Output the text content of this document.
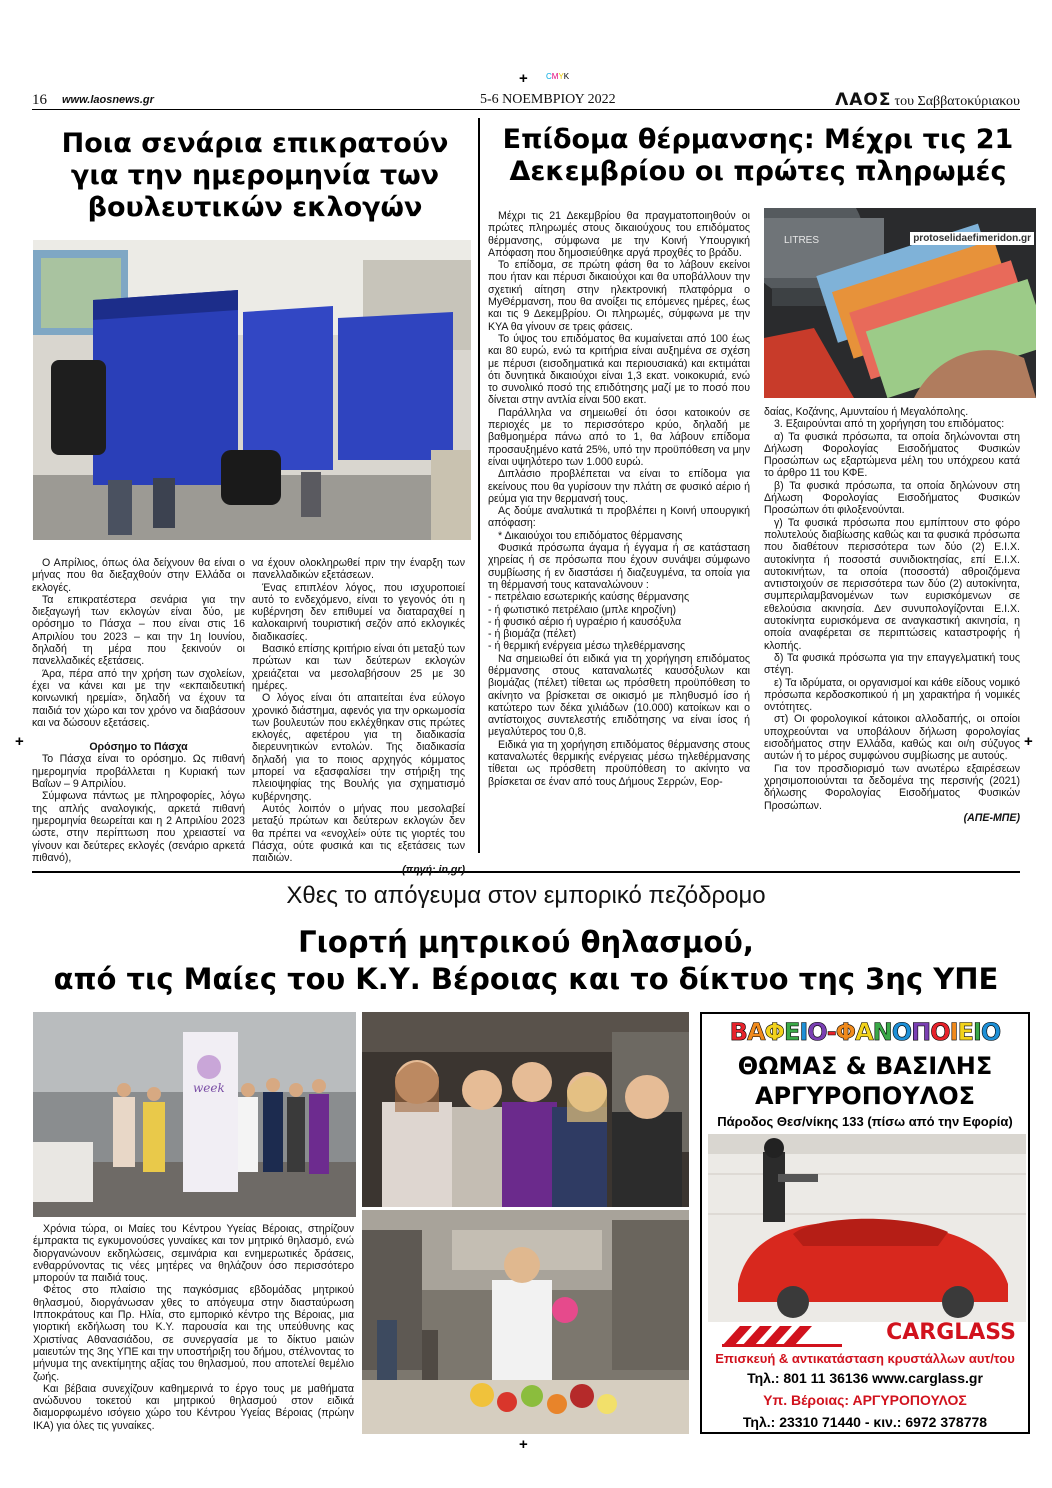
+ CMYK
+	+
+
16 www.laosnews.gr	5-6 ΝΟΕΜΒΡΙΟΥ 2022	ΛΑΟΣ του Σαββατοκύριακου
Ποια σενάρια επικρατούν για την ημερομηνία των βουλευτικών εκλογών

Ο Απρίλιος, όπως όλα δείχνουν θα είναι ο μήνας που θα διεξαχθούν στην Ελλάδα οι εκλογές.

Τα επικρατέστερα σενάρια για την διεξαγωγή των εκλογών είναι δύο, με ορόσημο το Πάσχα – που είναι στις 16 Απριλίου του 2023 – και την 1η Ιουνίου, δηλαδή τη μέρα που ξεκινούν οι πανελλαδικές εξετάσεις.

Άρα, πέρα από την χρήση των σχολείων, έχει να κάνει και με την «εκπαιδευτική κοινωνική ηρεμία», δηλαδή να έχουν τα παιδιά τον χώρο και τον χρόνο να διαβάσουν και να δώσουν εξετάσεις.

Ορόσημο το Πάσχα

Το Πάσχα είναι το ορόσημο. Ως πιθανή ημερομηνία προβάλλεται η Κυριακή των Βαΐων – 9 Απριλίου.

Σύμφωνα πάντως με πληροφορίες, λόγω της απλής αναλογικής, αρκετά πιθανή ημερομηνία θεωρείται και η 2 Απριλίου 2023 ώστε, στην περίπτωση που χρειαστεί να γίνουν και δεύτερες εκλογές (σενάριο αρκετά πιθανό),

να έχουν ολοκληρωθεί πριν την έναρξη των πανελλαδικών εξετάσεων.

Ένας επιπλέον λόγος, που ισχυροποιεί αυτό το ενδεχόμενο, είναι το γεγονός ότι η κυβέρνηση δεν επιθυμεί να διαταραχθεί η καλοκαιρινή τουριστική σεζόν από εκλογικές διαδικασίες.

Βασικό επίσης κριτήριο είναι ότι μεταξύ των πρώτων και των δεύτερων εκλογών χρειάζεται να μεσολαβήσουν 25 με 30 ημέρες.

Ο λόγος είναι ότι απαιτείται ένα εύλογο χρονικό διάστημα, αφενός για την ορκωμοσία των βουλευτών που εκλέχθηκαν στις πρώτες εκλογές, αφετέρου για τη διαδικασία διερευνητικών εντολών. Της διαδικασία δηλαδή για το ποιος αρχηγός κόμματος μπορεί να εξασφαλίσει την στήριξη της πλειοψηφίας της Βουλής για σχηματισμό κυβέρνησης.

Αυτός λοιπόν ο μήνας που μεσολαβεί μεταξύ πρώτων και δεύτερων εκλογών δεν θα πρέπει να «ενοχλεί» ούτε τις γιορτές του Πάσχα, ούτε φυσικά και τις εξετάσεις των παιδιών.

(πηγή: in,gr)

Επίδομα θέρμανσης: Μέχρι τις 21 Δεκεμβρίου οι πρώτες πληρωμές
LITRES	protoselidaefimeridon.gr

Μέχρι τις 21 Δεκεμβρίου θα πραγματοποιηθούν οι πρώτες πληρωμές στους δικαιούχους του επιδόματος θέρμανσης, σύμφωνα με την Κοινή Υπουργική Απόφαση που δημοσιεύθηκε αργά προχθές το βράδυ.

Το επίδομα, σε πρώτη φάση θα το λάβουν εκείνοι που ήταν και πέρυσι δικαιούχοι και θα υποβάλλουν την σχετική αίτηση στην ηλεκτρονική πλατφόρμα ο ΜyΘέρμανση, που θα ανοίξει τις επόμενες ημέρες, έως και τις 9 Δεκεμβρίου. Οι πληρωμές, σύμφωνα με την ΚΥΑ θα γίνουν σε τρεις φάσεις.

Το ύψος του επιδόματος θα κυμαίνεται από 100 έως και 80 ευρώ, ενώ τα κριτήρια είναι αυξημένα σε σχέση με πέρυσι (εισοδηματικά και περιουσιακά) και εκτιμάται ότι δυνητικά δικαιούχοι είναι 1,3 εκατ. νοικοκυριά, ενώ το συνολικό ποσό της επιδότησης μαζί με το ποσό που δίνεται στην αντλία είναι 500 εκατ.

Παράλληλα να σημειωθεί ότι όσοι κατοικούν σε περιοχές με το περισσότερο κρύο, δηλαδή με βαθμοημέρα πάνω από το 1, θα λάβουν επίδομα προσαυξημένο κατά 25%, υπό την προϋπόθεση να μην είναι υψηλότερο των 1.000 ευρώ.

Διπλάσιο προβλέπεται να είναι το επίδομα για εκείνους που θα γυρίσουν την πλάτη σε φυσικό αέριο ή ρεύμα για την θερμανσή τους.

Ας δούμε αναλυτικά τι προβλέπει η Κοινή υπουργική απόφαση:

* Δικαιούχοι του επιδόματος θέρμανσης

Φυσικά πρόσωπα άγαμα ή έγγαμα ή σε κατάσταση χηρείας ή σε πρόσωπα που έχουν συνάψει σύμφωνο συμβίωσης ή εν διαστάσει ή διαζευγμένα, τα οποία για τη θέρμανσή τους καταναλώνουν :

- πετρέλαιο εσωτερικής καύσης θέρμανσης

- ή φωτιστικό πετρέλαιο (μπλε κηροζίνη)

- ή φυσικό αέριο ή υγραέριο ή καυσόξυλα

- ή βιομάζα (πέλετ)

- ή θερμική ενέργεια μέσω τηλεθέρμανσης

Να σημειωθεί ότι ειδικά για τη χορήγηση επιδόματος θέρμανσης στους καταναλωτές καυσόξυλων και βιομάζας (πέλετ) τίθεται ως πρόσθετη προϋπόθεση το ακίνητο να βρίσκεται σε οικισμό με πληθυσμό ίσο ή κατώτερο των δέκα χιλιάδων (10.000) κατοίκων και ο αντίστοιχος συντελεστής επιδότησης να είναι ίσος ή μεγαλύτερος του 0,8.

Ειδικά για τη χορήγηση επιδόματος θέρμανσης στους καταναλωτές θερμικής ενέργειας μέσω τηλεθέρμανσης τίθεται ως πρόσθετη προϋπόθεση το ακίνητο να βρίσκεται σε έναν από τους Δήμους Σερρών, Εορ-

δαίας, Κοζάνης, Αμυνταίου ή Μεγαλόπολης.

3. Εξαιρούνται από τη χορήγηση του επιδόματος:

α) Τα φυσικά πρόσωπα, τα οποία δηλώνονται στη Δήλωση Φορολογίας Εισοδήματος Φυσικών Προσώπων ως εξαρτώμενα μέλη του υπόχρεου κατά το άρθρο 11 του ΚΦΕ.

β) Τα φυσικά πρόσωπα, τα οποία δηλώνουν στη Δήλωση Φορολογίας Εισοδήματος Φυσικών Προσώπων ότι φιλοξενούνται.

γ) Τα φυσικά πρόσωπα που εμπίπτουν στο φόρο πολυτελούς διαβίωσης καθώς και τα φυσικά πρόσωπα που διαθέτουν περισσότερα των δύο (2) Ε.Ι.Χ. αυτοκίνητα ή ποσοστά συνιδιοκτησίας, επί Ε.Ι.Χ. αυτοκινήτων, τα οποία (ποσοστά) αθροιζόμενα αντιστοιχούν σε περισσότερα των δύο (2) αυτοκίνητα, συμπεριλαμβανομένων των ευρισκόμενων σε εθελούσια ακινησία. Δεν συνυπολογίζονται Ε.Ι.Χ. αυτοκίνητα ευρισκόμενα σε αναγκαστική ακινησία, η οποία αναφέρεται σε περιπτώσεις καταστροφής ή κλοπής.

δ) Τα φυσικά πρόσωπα για την επαγγελματική τους στέγη.

ε) Τα ιδρύματα, οι οργανισμοί και κάθε είδους νομικό πρόσωπα κερδοσκοπικού ή μη χαρακτήρα ή νομικές οντότητες.

στ) Οι φορολογικοί κάτοικοι αλλοδαπής, οι οποίοι υποχρεούνται να υποβάλουν δήλωση φορολογίας εισοδήματος στην Ελλάδα, καθώς και οι/η σύζυγος αυτών ή το μέρος συμφώνου συμβίωσης με αυτούς.

Για τον προσδιορισμό των ανωτέρω εξαιρέσεων χρησιμοποιούνται τα δεδομένα της περσινής (2021) δήλωσης Φορολογίας Εισοδήματος Φυσικών Προσώπων.

(ΑΠΕ-ΜΠΕ)

Χθες το απόγευμα στον εμπορικό πεζόδρομο
Γιορτή μητρικού θηλασμού,
από τις Μαίες του Κ.Υ. Βέροιας και το δίκτυο της 3ης ΥΠΕ
week

Χρόνια τώρα, οι Μαίες του Κέντρου Υγείας Βέροιας, στηρίζουν έμπρακτα τις εγκυμονούσες γυναίκες και τον μητρικό θηλασμό, ενώ διοργανώνουν εκδηλώσεις, σεμινάρια και ενημερωτικές δράσεις, ενθαρρύνοντας τις νέες μητέρες να θηλάζουν όσο περισσότερο μπορούν τα παιδιά τους.

Φέτος στο πλαίσιο της παγκόσμιας εβδομάδας μητρικού θηλασμού, διοργάνωσαν χθες το απόγευμα στην διασταύρωση Ιπποκράτους και Πρ. Ηλία, στο εμπορικό κέντρο της Βέροιας, μια γιορτική εκδήλωση του Κ.Υ. παρουσία και της υπεύθυνης κας Χριστίνας Αθανασιάδου, σε συνεργασία με το δίκτυο μαιών μαιευτών της 3ης ΥΠΕ και την υποστήριξη του δήμου, στέλνοντας το μήνυμα της ανεκτίμητης αξίας του θηλασμού, που αποτελεί θεμέλιο ζωής.

Και βέβαια συνεχίζουν καθημερινά το έργο τους με μαθήματα ανώδυνου τοκετού και μητρικού θηλασμού στον ειδικά διαμορφωμένο ισόγειο χώρο του Κέντρου Υγείας Βέροιας (πρώην ΙΚΑ) για όλες τις γυναίκες.

ΒΑΦΕΙΟ-ΦΑΝΟΠΟΙΕΙΟ
ΘΩΜΑΣ & ΒΑΣΙΛΗΣ
ΑΡΓΥΡΟΠΟΥΛΟΣ
Πάροδος Θεσ/νίκης 133 (πίσω από την Εφορία)
CARGLASS
Επισκευή & αντικατάσταση κρυστάλλων αυτ/του
Τηλ.: 801 11 36136 www.carglass.gr
Υπ. Βέροιας: ΑΡΓΥΡΟΠΟΥΛΟΣ
Τηλ.: 23310 71440 - κιν.: 6972 378778
